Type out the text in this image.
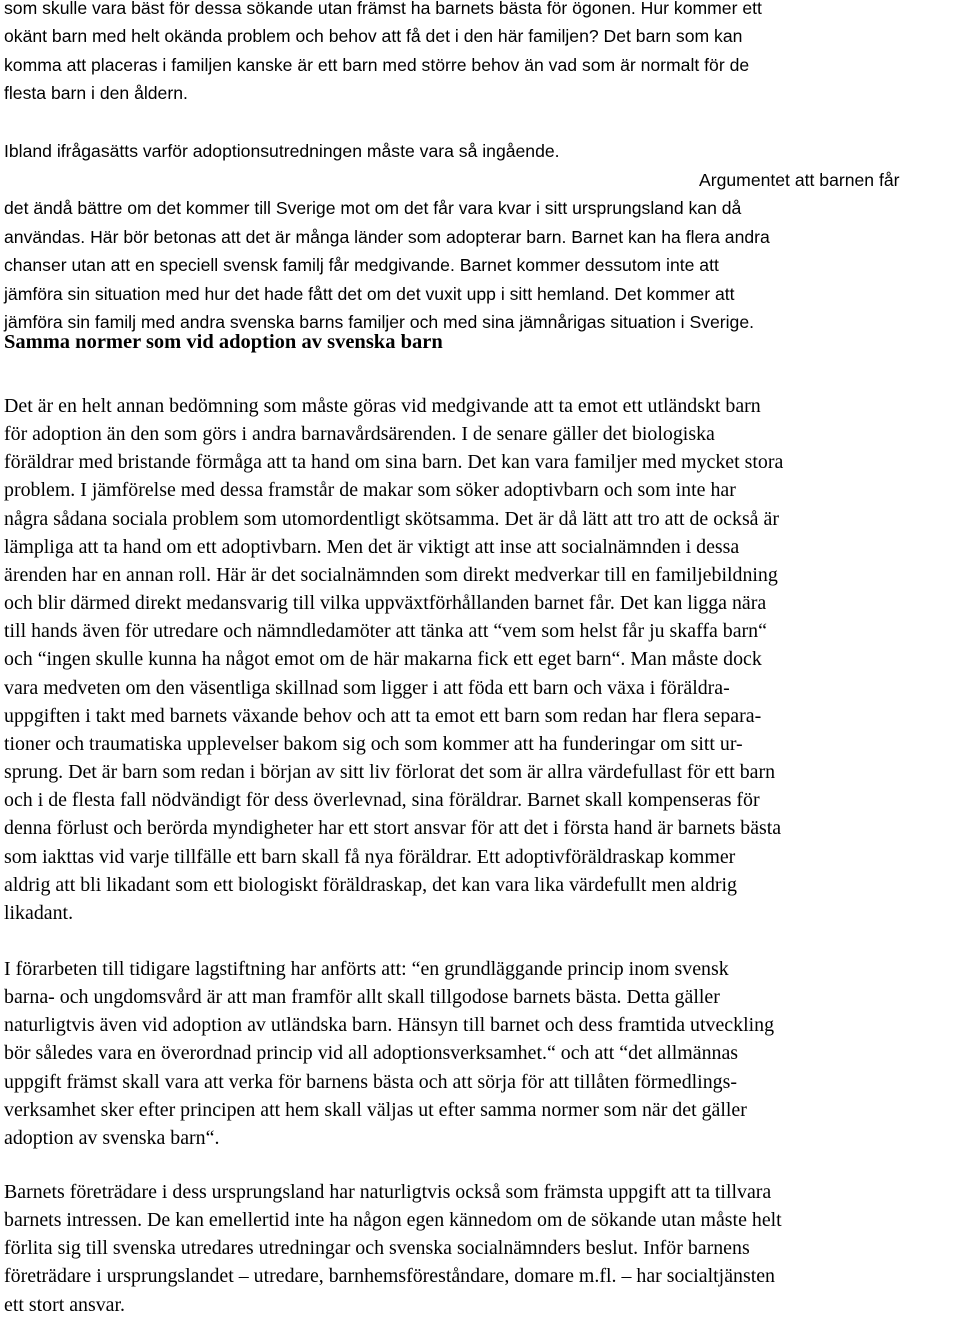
som skulle vara bäst för dessa sökande utan främst ha barnets bästa för ögonen. Hur kommer ett
okänt barn med helt okända problem och behov att få det i den här familjen? Det barn som kan
komma att placeras i familjen kanske är ett barn med större behov än vad som är normalt för de
flesta barn i den åldern.
Ibland ifrågasätts varför adoptionsutredningen måste vara så ingående.
Argumentet att barnen får
det ändå bättre om det kommer till Sverige mot om det får vara kvar i sitt ursprungsland kan då
användas. Här bör betonas att det är många länder som adopterar barn. Barnet kan ha flera andra
chanser utan att en speciell svensk familj får medgivande. Barnet kommer dessutom inte att
jämföra sin situation med hur det hade fått det om det vuxit upp i sitt hemland. Det kommer att
jämföra sin familj med andra svenska barns familjer och med sina jämnårigas situation i Sverige.
Samma normer som vid adoption av svenska barn
Det är en helt annan bedömning som måste göras vid medgivande att ta emot ett utländskt barn
för adoption än den som görs i andra barnavårdsärenden. I de senare gäller det biologiska
föräldrar med bristande förmåga att ta hand om sina barn. Det kan vara familjer med mycket stora
problem. I jämförelse med dessa framstår de makar som söker adoptivbarn och som inte har
några sådana sociala problem som utomordentligt skötsamma. Det är då lätt att tro att de också är
lämpliga att ta hand om ett adoptivbarn. Men det är viktigt att inse att socialnämnden i dessa
ärenden har en annan roll. Här är det socialnämnden som direkt medverkar till en familjebildning
och blir därmed direkt medansvarig till vilka uppväxtförhållanden barnet får. Det kan ligga nära
till hands även för utredare och nämndledamöter att tänka att “vem som helst får ju skaffa barn“
och “ingen skulle kunna ha något emot om de här makarna fick ett eget barn“. Man måste dock
vara medveten om den väsentliga skillnad som ligger i att föda ett barn och växa i föräldra-
uppgiften i takt med barnets växande behov och att ta emot ett barn som redan har flera separa-
tioner och traumatiska upplevelser bakom sig och som kommer att ha funderingar om sitt ur-
sprung. Det är barn som redan i början av sitt liv förlorat det som är allra värdefullast för ett barn
och i de flesta fall nödvändigt för dess överlevnad, sina föräldrar. Barnet skall kompenseras för
denna förlust och berörda myndigheter har ett stort ansvar för att det i första hand är barnets bästa
som iakttas vid varje tillfälle ett barn skall få nya föräldrar. Ett adoptivföräldraskap kommer
aldrig att bli likadant som ett biologiskt föräldraskap, det kan vara lika värdefullt men aldrig
likadant.
I förarbeten till tidigare lagstiftning har anförts att: “en grundläggande princip inom svensk
barna- och ungdomsvård är att man framför allt skall tillgodose barnets bästa. Detta gäller
naturligtvis även vid adoption av utländska barn. Hänsyn till barnet och dess framtida utveckling
bör således vara en överordnad princip vid all adoptionsverksamhet.“ och att “det allmännas
uppgift främst skall vara att verka för barnens bästa och att sörja för att tillåten förmedlings-
verksamhet sker efter principen att hem skall väljas ut efter samma normer som när det gäller
adoption av svenska barn“.
Barnets företrädare i dess ursprungsland har naturligtvis också som främsta uppgift att ta tillvara
barnets intressen. De kan emellertid inte ha någon egen kännedom om de sökande utan måste helt
förlita sig till svenska utredares utredningar och svenska socialnämnders beslut. Inför barnens
företrädare i ursprungslandet – utredare, barnhemsföreståndare, domare m.fl. – har socialtjänsten
ett stort ansvar.
